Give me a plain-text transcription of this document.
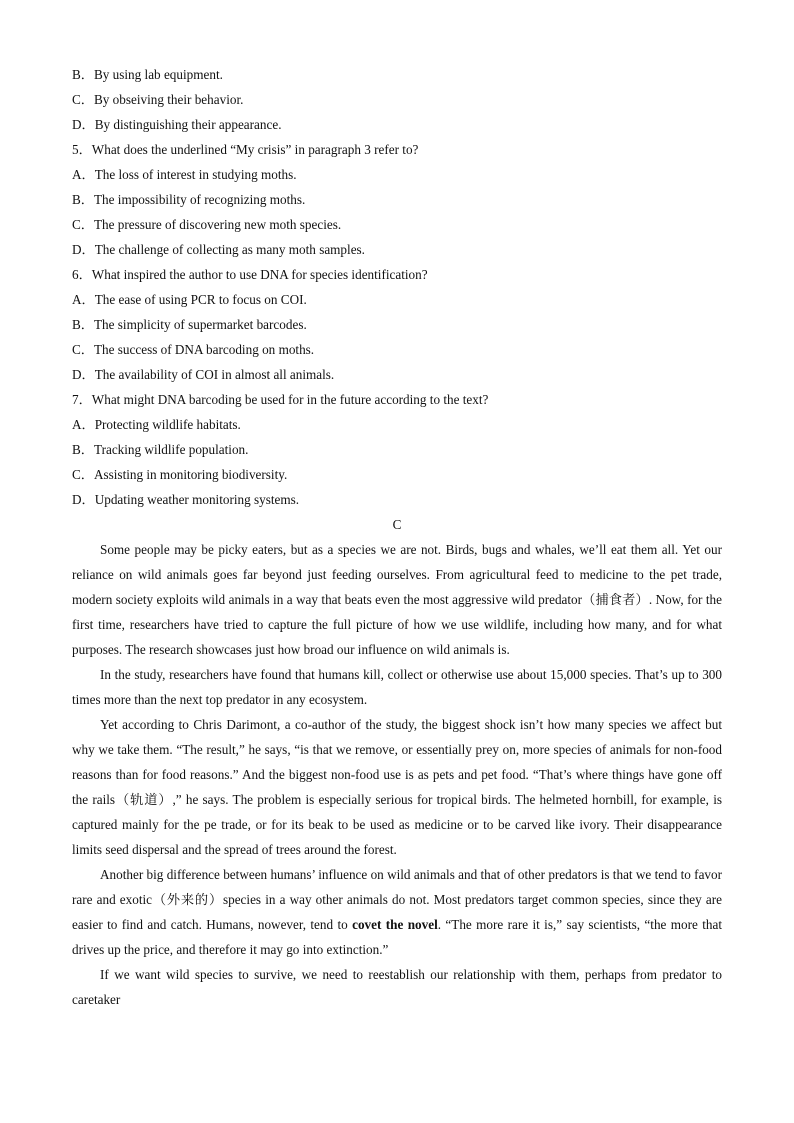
B．By using lab equipment.
C．By obseiving their behavior.
D．By distinguishing their appearance.
5．What does the underlined “My crisis” in paragraph 3 refer to?
A．The loss of interest in studying moths.
B．The impossibility of recognizing moths.
C．The pressure of discovering new moth species.
D．The challenge of collecting as many moth samples.
6．What inspired the author to use DNA for species identification?
A．The ease of using PCR to focus on COI.
B．The simplicity of supermarket barcodes.
C．The success of DNA barcoding on moths.
D．The availability of COI in almost all animals.
7．What might DNA barcoding be used for in the future according to the text?
A．Protecting wildlife habitats.
B．Tracking wildlife population.
C．Assisting in monitoring biodiversity.
D．Updating weather monitoring systems.
C

Some people may be picky eaters, but as a species we are not. Birds, bugs and whales, we’ll eat them all. Yet our reliance on wild animals goes far beyond just feeding ourselves. From agricultural feed to medicine to the pet trade, modern society exploits wild animals in a way that beats even the most aggressive wild predator（捕食者）. Now, for the first time, researchers have tried to capture the full picture of how we use wildlife, including how many, and for what purposes. The research showcases just how broad our influence on wild animals is.

In the study, researchers have found that humans kill, collect or otherwise use about 15,000 species. That’s up to 300 times more than the next top predator in any ecosystem.

Yet according to Chris Darimont, a co-author of the study, the biggest shock isn’t how many species we affect but why we take them. “The result,” he says, “is that we remove, or essentially prey on, more species of animals for non-food reasons than for food reasons.” And the biggest non-food use is as pets and pet food. “That’s where things have gone off the rails（轨道）,” he says. The problem is especially serious for tropical birds. The helmeted hornbill, for example, is captured mainly for the pe trade, or for its beak to be used as medicine or to be carved like ivory. Their disappearance limits seed dispersal and the spread of trees around the forest.

Another big difference between humans’ influence on wild animals and that of other predators is that we tend to favor rare and exotic（外来的）species in a way other animals do not. Most predators target common species, since they are easier to find and catch. Humans, nowever, tend to covet the novel. “The more rare it is,” say scientists, “the more that drives up the price, and therefore it may go into extinction.”

If we want wild species to survive, we need to reestablish our relationship with them, perhaps from predator to caretaker
